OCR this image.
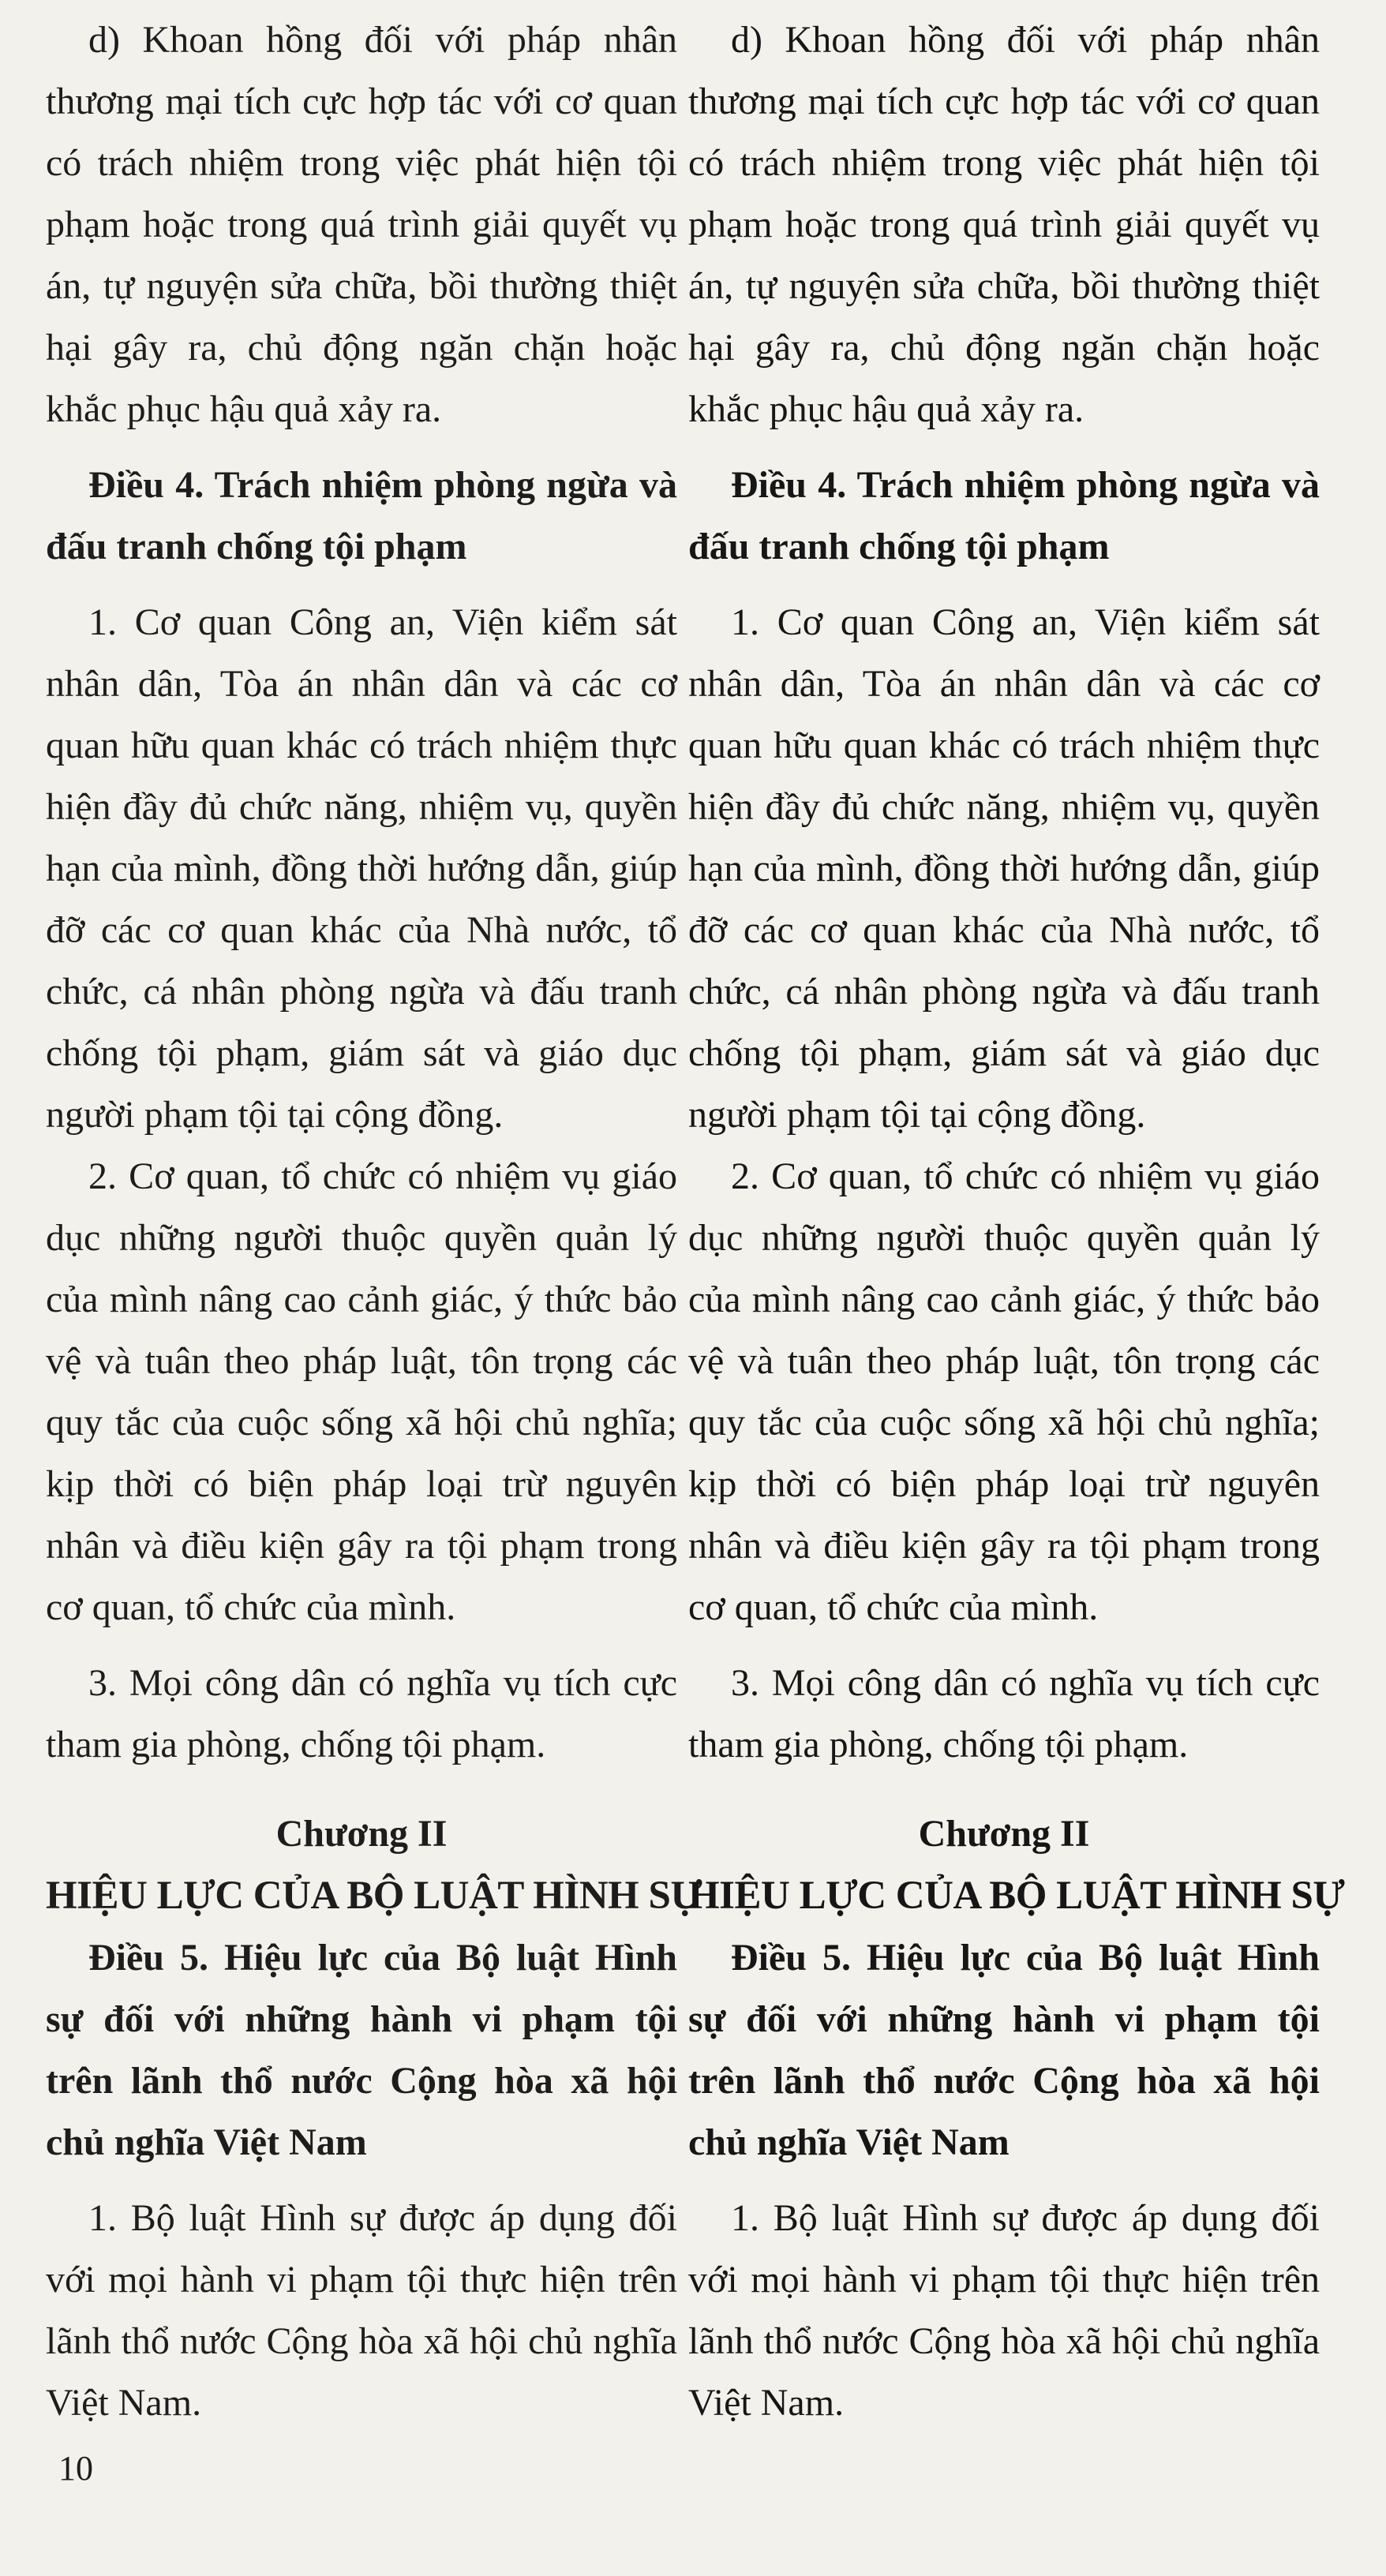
d) Khoan hồng đối với pháp nhân thương mại tích cực hợp tác với cơ quan có trách nhiệm trong việc phát hiện tội phạm hoặc trong quá trình giải quyết vụ án, tự nguyện sửa chữa, bồi thường thiệt hại gây ra, chủ động ngăn chặn hoặc khắc phục hậu quả xảy ra.

Điều 4. Trách nhiệm phòng ngừa và đấu tranh chống tội phạm

1. Cơ quan Công an, Viện kiểm sát nhân dân, Tòa án nhân dân và các cơ quan hữu quan khác có trách nhiệm thực hiện đầy đủ chức năng, nhiệm vụ, quyền hạn của mình, đồng thời hướng dẫn, giúp đỡ các cơ quan khác của Nhà nước, tổ chức, cá nhân phòng ngừa và đấu tranh chống tội phạm, giám sát và giáo dục người phạm tội tại cộng đồng.

2. Cơ quan, tổ chức có nhiệm vụ giáo dục những người thuộc quyền quản lý của mình nâng cao cảnh giác, ý thức bảo vệ và tuân theo pháp luật, tôn trọng các quy tắc của cuộc sống xã hội chủ nghĩa; kịp thời có biện pháp loại trừ nguyên nhân và điều kiện gây ra tội phạm trong cơ quan, tổ chức của mình.

3. Mọi công dân có nghĩa vụ tích cực tham gia phòng, chống tội phạm.

Chương II
HIỆU LỰC CỦA BỘ LUẬT HÌNH SỰ
Điều 5. Hiệu lực của Bộ luật Hình sự đối với những hành vi phạm tội trên lãnh thổ nước Cộng hòa xã hội chủ nghĩa Việt Nam

1. Bộ luật Hình sự được áp dụng đối với mọi hành vi phạm tội thực hiện trên lãnh thổ nước Cộng hòa xã hội chủ nghĩa Việt Nam.

d) Khoan hồng đối với pháp nhân thương mại tích cực hợp tác với cơ quan có trách nhiệm trong việc phát hiện tội phạm hoặc trong quá trình giải quyết vụ án, tự nguyện sửa chữa, bồi thường thiệt hại gây ra, chủ động ngăn chặn hoặc khắc phục hậu quả xảy ra.

Điều 4. Trách nhiệm phòng ngừa và đấu tranh chống tội phạm

1. Cơ quan Công an, Viện kiểm sát nhân dân, Tòa án nhân dân và các cơ quan hữu quan khác có trách nhiệm thực hiện đầy đủ chức năng, nhiệm vụ, quyền hạn của mình, đồng thời hướng dẫn, giúp đỡ các cơ quan khác của Nhà nước, tổ chức, cá nhân phòng ngừa và đấu tranh chống tội phạm, giám sát và giáo dục người phạm tội tại cộng đồng.

2. Cơ quan, tổ chức có nhiệm vụ giáo dục những người thuộc quyền quản lý của mình nâng cao cảnh giác, ý thức bảo vệ và tuân theo pháp luật, tôn trọng các quy tắc của cuộc sống xã hội chủ nghĩa; kịp thời có biện pháp loại trừ nguyên nhân và điều kiện gây ra tội phạm trong cơ quan, tổ chức của mình.

3. Mọi công dân có nghĩa vụ tích cực tham gia phòng, chống tội phạm.

Chương II
HIỆU LỰC CỦA BỘ LUẬT HÌNH SỰ
Điều 5. Hiệu lực của Bộ luật Hình sự đối với những hành vi phạm tội trên lãnh thổ nước Cộng hòa xã hội chủ nghĩa Việt Nam

1. Bộ luật Hình sự được áp dụng đối với mọi hành vi phạm tội thực hiện trên lãnh thổ nước Cộng hòa xã hội chủ nghĩa Việt Nam.

10
